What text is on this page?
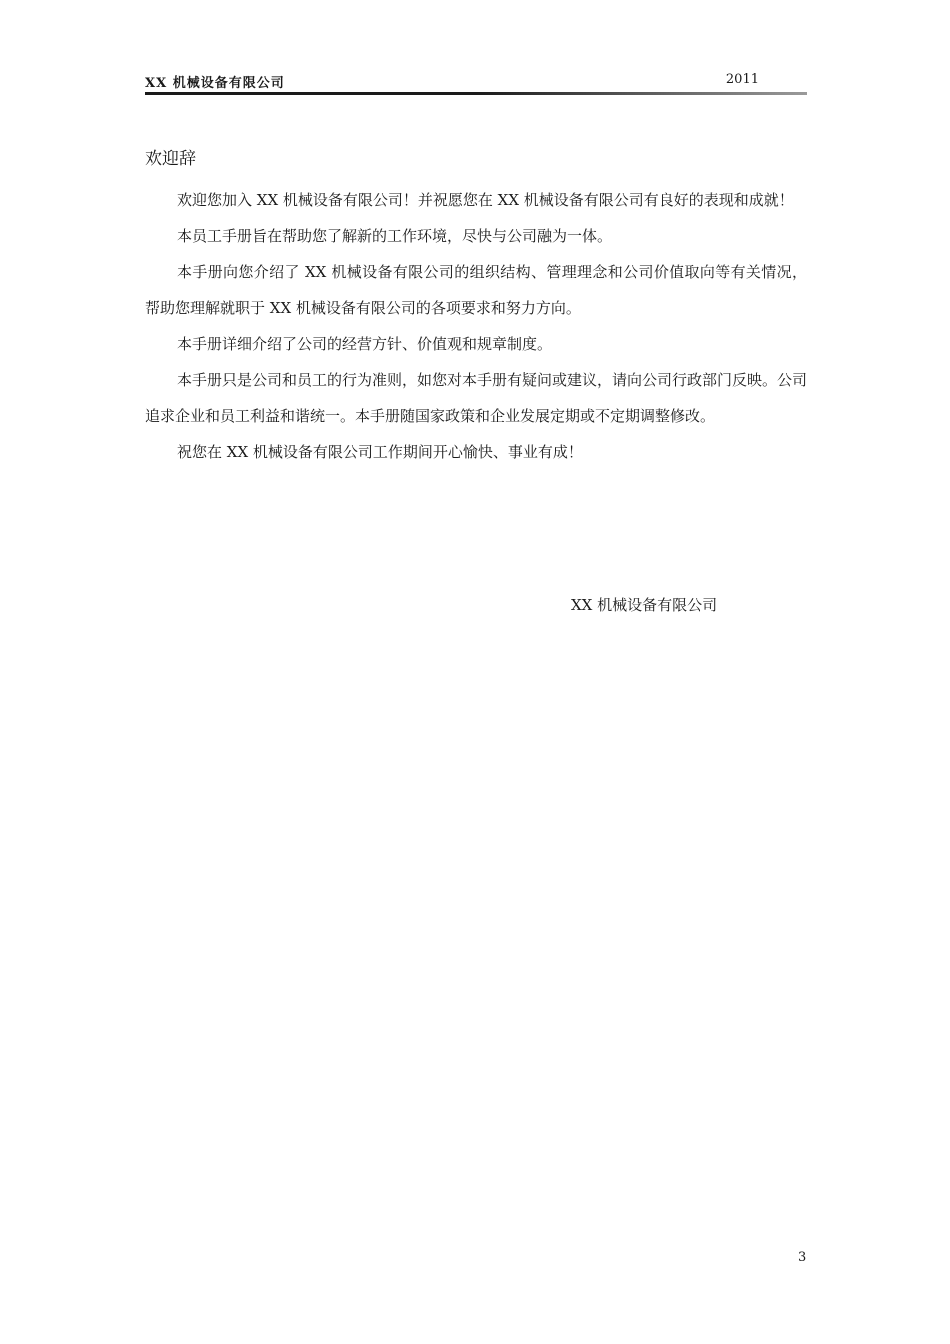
XX 机械设备有限公司	2011
欢迎辞

欢迎您加入 XX 机械设备有限公司！并祝愿您在 XX 机械设备有限公司有良好的表现和成就！

本员工手册旨在帮助您了解新的工作环境，尽快与公司融为一体。

本手册向您介绍了 XX 机械设备有限公司的组织结构、管理理念和公司价值取向等有关情况，帮助您理解就职于 XX 机械设备有限公司的各项要求和努力方向。

本手册详细介绍了公司的经营方针、价值观和规章制度。

本手册只是公司和员工的行为准则，如您对本手册有疑问或建议，请向公司行政部门反映。公司追求企业和员工利益和谐统一。本手册随国家政策和企业发展定期或不定期调整修改。

祝您在 XX 机械设备有限公司工作期间开心愉快、事业有成！

XX 机械设备有限公司
3
